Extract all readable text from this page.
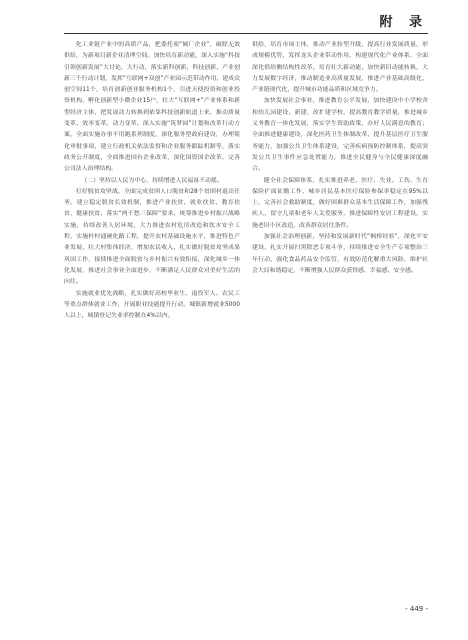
附 录

化工业链产业中的高质产品，把委托项“倾厂企业”，破除无效供给，为新项目新企业清理空间。加快培育新动能，深入实施“科技引领创新发展”大讨论，大行动，落实新科创新、科技创新、产业创新三个行动计划，发挥“互联网+双创”产业园示范带动作用，建成众创空间11个，培育创新创业服务机构1个，引进天使投资和创业投资机构，孵化创新型小微企业15户，壮大“互联网+”产业体系和新型经济主体，把发展动力转换到依靠科技创新轨道上来，推动质量变革、效率变革、动力变革。深入实施“筑梦园”计划和改革行动方案，全面实施办事不用跑系列制度，深化服务型政府建设，办理简化审批事项，建立行政机关依法监督和企业服务跟踪机制等，落实政务公开制度，全面推进国有企业改革，深化国资国企改革，完善公司法人治理结构。

（二）坚持以人民为中心，持续增进人民福祉不动摇。

打好脱贫攻坚战，全面完成贫困人口脱贫和28个贫困村退出任务。建立稳定脱贫长效机制，推进产业扶贫、就业扶贫、教育扶贫、健康扶贫，落实“两不愁三保障”要求，统筹推进乡村振兴战略实施，持续改善人居环境，大力推进农村危房改造和饮水安全工程，实施村村通硬化路工程，提升农村基础设施水平，推进特色产业发展，壮大村集体经济，增加农民收入，扎实做好脱贫攻坚成果巩固工作，接续推进全面脱贫与乡村振兴有效衔接，深化城乡一体化发展，推进社会事业全面进步，不断满足人民群众对美好生活的向往。

实施就业优先战略，扎实做好高校毕业生、退役军人、农民工等重点群体就业工作，开展职业技能提升行动，城镇新增就业5000人以上，城镇登记失业率控制在4%以内。

供给，培育市场主体，推动产业转型升级，提高行业发展质量，形成规模优势，发挥龙头企业带动作用，构建现代化产业体系，全面深化供给侧结构性改革，培育壮大新动能，加快新旧动能转换，大力发展数字经济，推动制造业高质量发展，推进产业基础高级化、产业链现代化，提升城市功能品质和区域竞争力。

加快发展社会事业，推进教育公平发展，加快建设中小学校舍和幼儿园建设，新建、改扩建学校，提高教育教学质量，推进城乡义务教育一体化发展，落实学生资助政策，办好人民满意的教育；全面推进健康建设，深化医药卫生体制改革，提升基层医疗卫生服务能力，加强公共卫生体系建设，完善疾病预防控制体系，提高突发公共卫生事件应急处置能力，推进全民健身与全民健康深度融合。

健全社会保障体系，扎实推进养老、医疗、失业、工伤、生育保险扩面征缴工作，城乡居民基本医疗保险参保率稳定在95%以上，完善社会救助制度，做好困难群众基本生活保障工作，加强残疾人、留守儿童和老年人关爱服务，推进保障性安居工程建设，实施老旧小区改造，改善群众居住条件。

加强社会治理创新，坚持和发展新时代“枫桥经验”，深化平安建设，扎实开展扫黑除恶专项斗争，持续推进安全生产专项整治三年行动，强化食品药品安全监管，有效防范化解重大风险，维护社会大局和谐稳定，不断增强人民群众获得感、幸福感、安全感。

- 449 -
